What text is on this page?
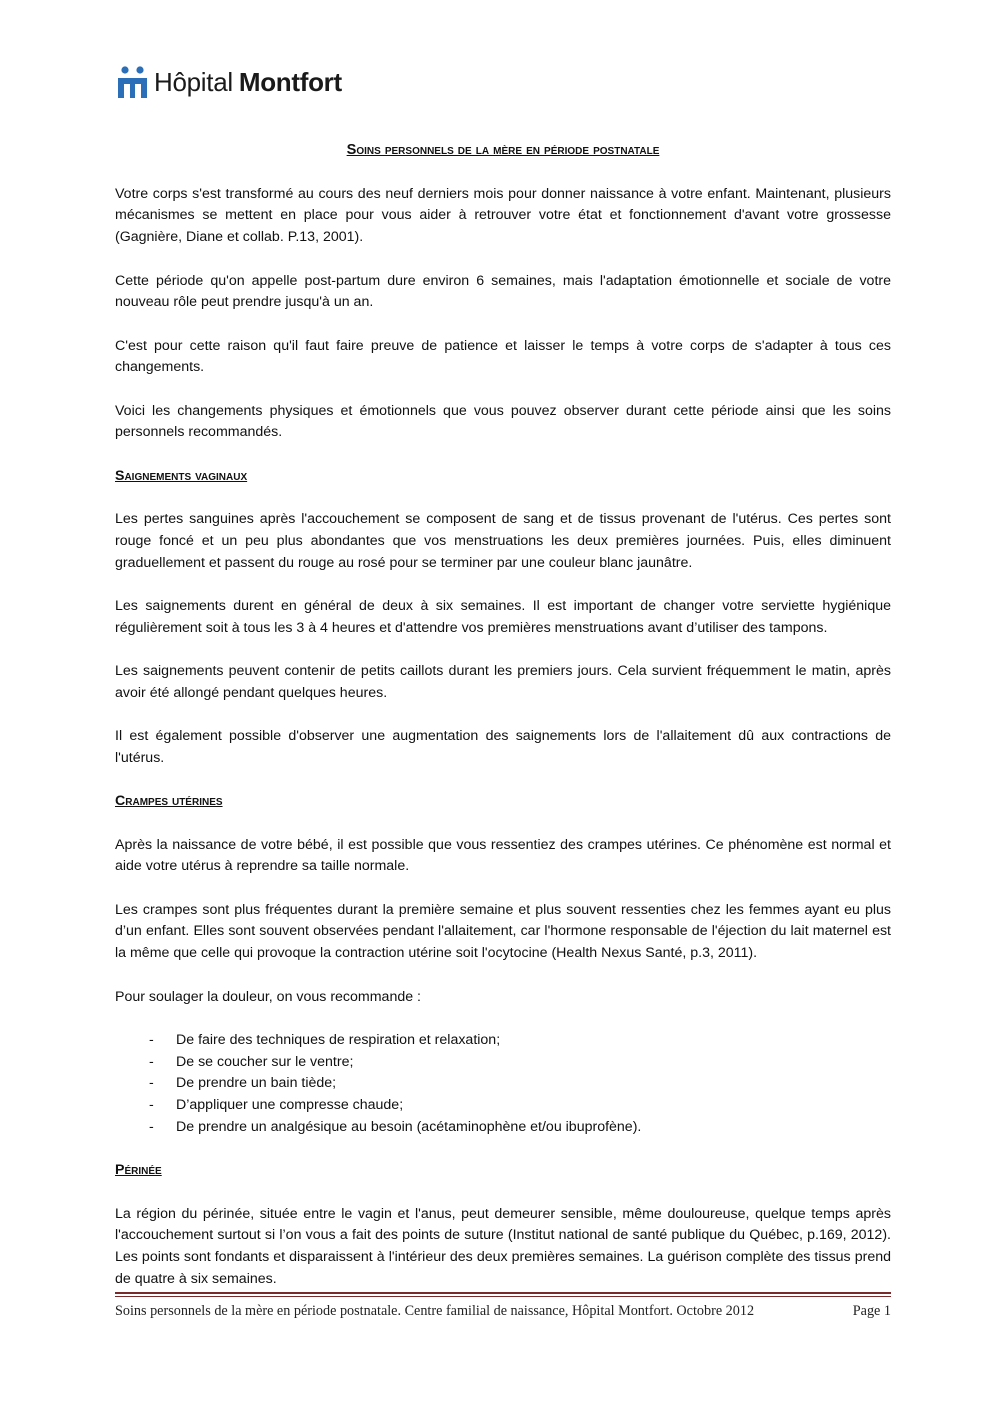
Hôpital Montfort
Soins personnels de la mère en période postnatale

Votre corps s'est transformé au cours des neuf derniers mois pour donner naissance à votre enfant. Maintenant, plusieurs mécanismes se mettent en place pour vous aider à retrouver votre état et fonctionnement d'avant votre grossesse (Gagnière, Diane et collab. P.13, 2001).

Cette période qu'on appelle post-partum dure environ 6 semaines, mais l'adaptation émotionnelle et sociale de votre nouveau rôle peut prendre jusqu'à un an.

C'est pour cette raison qu'il faut faire preuve de patience et laisser le temps à votre corps de s'adapter à tous ces changements.

Voici les changements physiques et émotionnels que vous pouvez observer durant cette période ainsi que les soins personnels recommandés.

Saignements vaginaux

Les pertes sanguines après l'accouchement se composent de sang et de tissus provenant de l'utérus. Ces pertes sont rouge foncé et un peu plus abondantes que vos menstruations les deux premières journées. Puis, elles diminuent graduellement et passent du rouge au rosé pour se terminer par une couleur blanc jaunâtre.

Les saignements durent en général de deux à six semaines. Il est important de changer votre serviette hygiénique régulièrement soit à tous les 3 à 4 heures et d'attendre vos premières menstruations avant d’utiliser des tampons.

Les saignements peuvent contenir de petits caillots durant les premiers jours. Cela survient fréquemment le matin, après avoir été allongé pendant quelques heures.

Il est également possible d'observer une augmentation des saignements lors de l'allaitement dû aux contractions de l'utérus.

Crampes utérines

Après la naissance de votre bébé, il est possible que vous ressentiez des crampes utérines. Ce phénomène est normal et aide votre utérus à reprendre sa taille normale.

Les crampes sont plus fréquentes durant la première semaine et plus souvent ressenties chez les femmes ayant eu plus d’un enfant. Elles sont souvent observées pendant l'allaitement, car l'hormone responsable de l'éjection du lait maternel est la même que celle qui provoque la contraction utérine soit l'ocytocine (Health Nexus Santé, p.3, 2011).

Pour soulager la douleur, on vous recommande :

- De faire des techniques de respiration et relaxation;
- De se coucher sur le ventre;
- De prendre un bain tiède;
- D’appliquer une compresse chaude;
- De prendre un analgésique au besoin (acétaminophène et/ou ibuprofène).
Périnée

La région du périnée, située entre le vagin et l'anus, peut demeurer sensible, même douloureuse, quelque temps après l'accouchement surtout si l’on vous a fait des points de suture (Institut national de santé publique du Québec, p.169, 2012). Les points sont fondants et disparaissent à l'intérieur des deux premières semaines. La guérison complète des tissus prend de quatre à six semaines.

Soins personnels de la mère en période postnatale. Centre familial de naissance, Hôpital Montfort. Octobre 2012	Page 1
